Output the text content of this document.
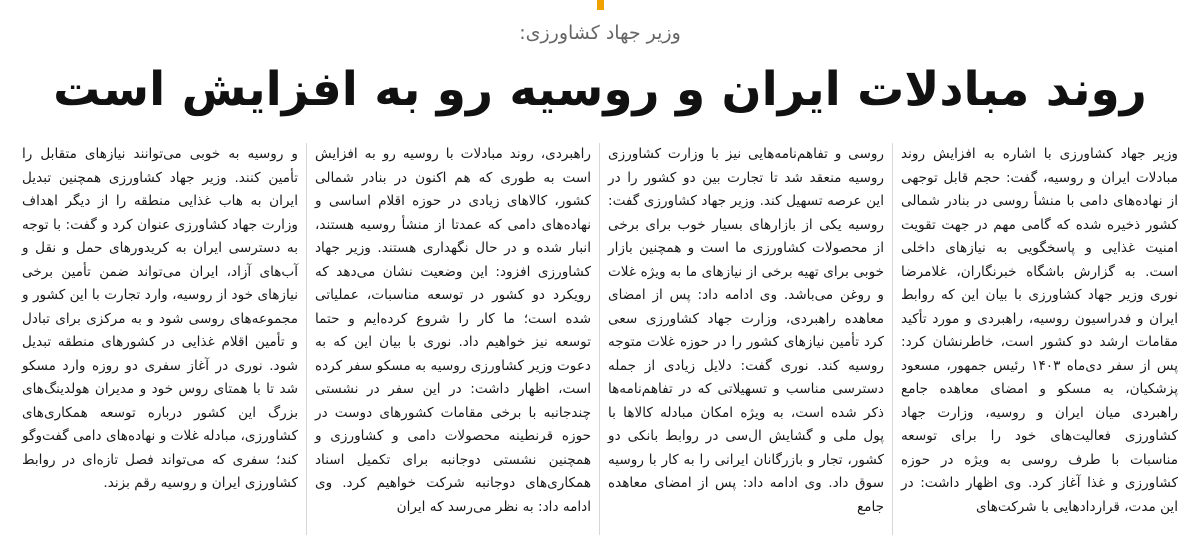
وزیر جهاد کشاورزی:
روند مبادلات ایران و روسیه رو به افزایش است
وزیر جهاد کشاورزی با اشاره به افزایش روند مبادلات ایران و روسیه، گفت: حجم قابل توجهی از نهاده‌های دامی با منشأ روسی در بنادر شمالی کشور ذخیره شده که گامی مهم در جهت تقویت امنیت غذایی و پاسخگویی به نیازهای داخلی است. به گزارش باشگاه خبرنگاران، غلامرضا نوری وزیر جهاد کشاورزی با بیان این که روابط ایران و فدراسیون روسیه، راهبردی و مورد تأکید مقامات ارشد دو کشور است، خاطرنشان کرد: پس از سفر دی‌ماه ۱۴۰۳ رئیس جمهور، مسعود پزشکیان، به مسکو و امضای معاهده جامع راهبردی میان ایران و روسیه، وزارت جهاد کشاورزی فعالیت‌های خود را برای توسعه مناسبات با طرف روسی به ویژه در حوزه کشاورزی و غذا آغاز کرد. وی اظهار داشت: در این مدت، قراردادهایی با شرکت‌های
روسی و تفاهم‌نامه‌هایی نیز با وزارت کشاورزی روسیه منعقد شد تا تجارت بین دو کشور را در این عرصه تسهیل کند. وزیر جهاد کشاورزی گفت: روسیه یکی از بازارهای بسیار خوب برای برخی از محصولات کشاورزی ما است و همچنین بازار خوبی برای تهیه برخی از نیازهای ما به ویژه غلات و روغن می‌باشد. وی ادامه داد: پس از امضای معاهده راهبردی، وزارت جهاد کشاورزی سعی کرد تأمین نیازهای کشور را در حوزه غلات متوجه روسیه کند. نوری گفت: دلایل زیادی از جمله دسترسی مناسب و تسهیلاتی که در تفاهم‌نامه‌ها ذکر شده است، به ویژه امکان مبادله کالاها با پول ملی و گشایش ال‌سی در روابط بانکی دو کشور، تجار و بازرگانان ایرانی را به کار با روسیه سوق داد. وی ادامه داد: پس از امضای معاهده جامع
راهبردی، روند مبادلات با روسیه رو به افزایش است به طوری که هم اکنون در بنادر شمالی کشور، کالاهای زیادی در حوزه اقلام اساسی و نهاده‌های دامی که عمدتا از منشأ روسیه هستند، انبار شده و در حال نگهداری هستند. وزیر جهاد کشاورزی افزود: این وضعیت نشان می‌دهد که رویکرد دو کشور در توسعه مناسبات، عملیاتی شده است؛ ما کار را شروع کرده‌ایم و حتما توسعه نیز خواهیم داد. نوری با بیان این که به دعوت وزیر کشاورزی روسیه به مسکو سفر کرده است، اظهار داشت: در این سفر در نشستی چندجانبه با برخی مقامات کشورهای دوست در حوزه قرنطینه محصولات دامی و کشاورزی و همچنین نشستی دوجانبه برای تکمیل اسناد همکاری‌های دوجانبه شرکت خواهیم کرد. وی ادامه داد: به نظر می‌رسد که ایران
و روسیه به خوبی می‌توانند نیازهای متقابل را تأمین کنند. وزیر جهاد کشاورزی همچنین تبدیل ایران به هاب غذایی منطقه را از دیگر اهداف وزارت جهاد کشاورزی عنوان کرد و گفت: با توجه به دسترسی ایران به کریدورهای حمل و نقل و آب‌های آزاد، ایران می‌تواند ضمن تأمین برخی نیازهای خود از روسیه، وارد تجارت با این کشور و مجموعه‌های روسی شود و به مرکزی برای تبادل و تأمین اقلام غذایی در کشورهای منطقه تبدیل شود. نوری در آغاز سفری دو روزه وارد مسکو شد تا با همتای روس خود و مدیران هولدینگ‌های بزرگ این کشور درباره توسعه همکاری‌های کشاورزی، مبادله غلات و نهاده‌های دامی گفت‌وگو کند؛ سفری که می‌تواند فصل تازه‌ای در روابط کشاورزی ایران و روسیه رقم بزند.
